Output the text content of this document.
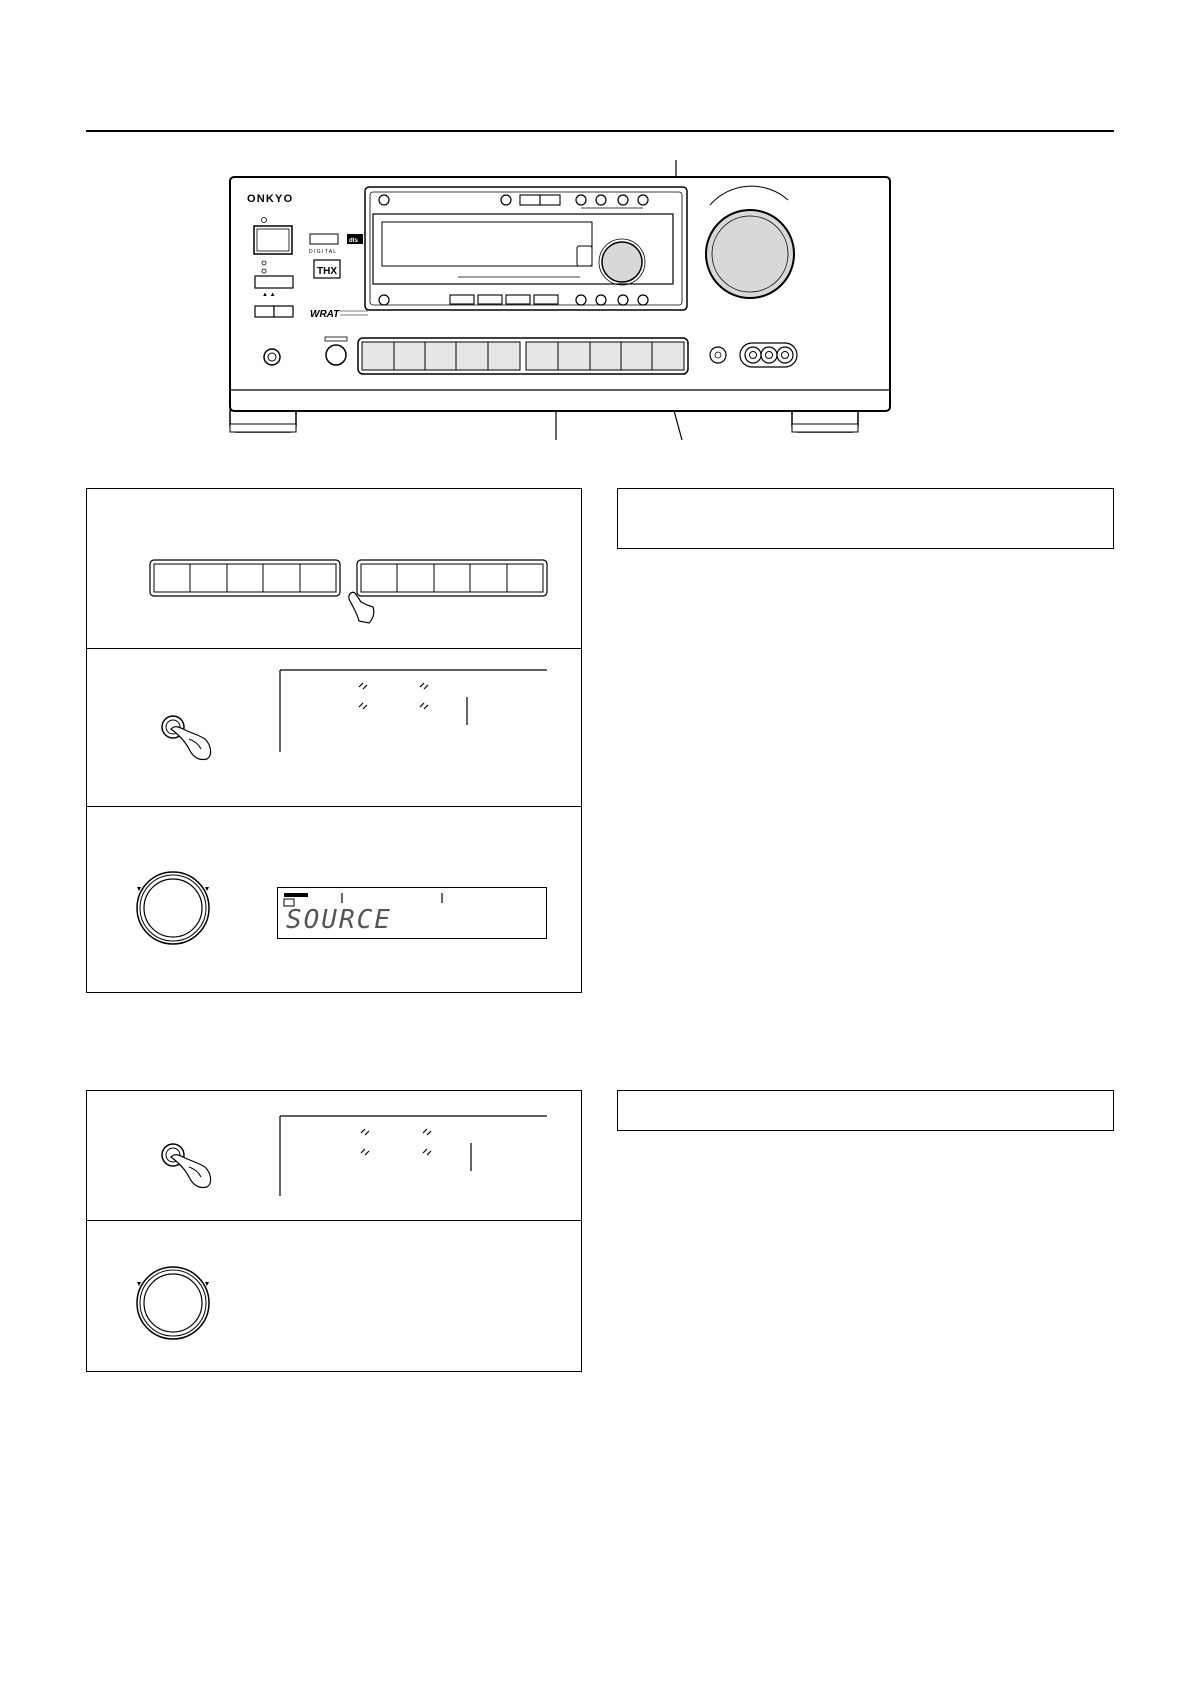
ONKYO
D I G I T A L
dts
THX
▲ ▲
WRAT
SOURCE
